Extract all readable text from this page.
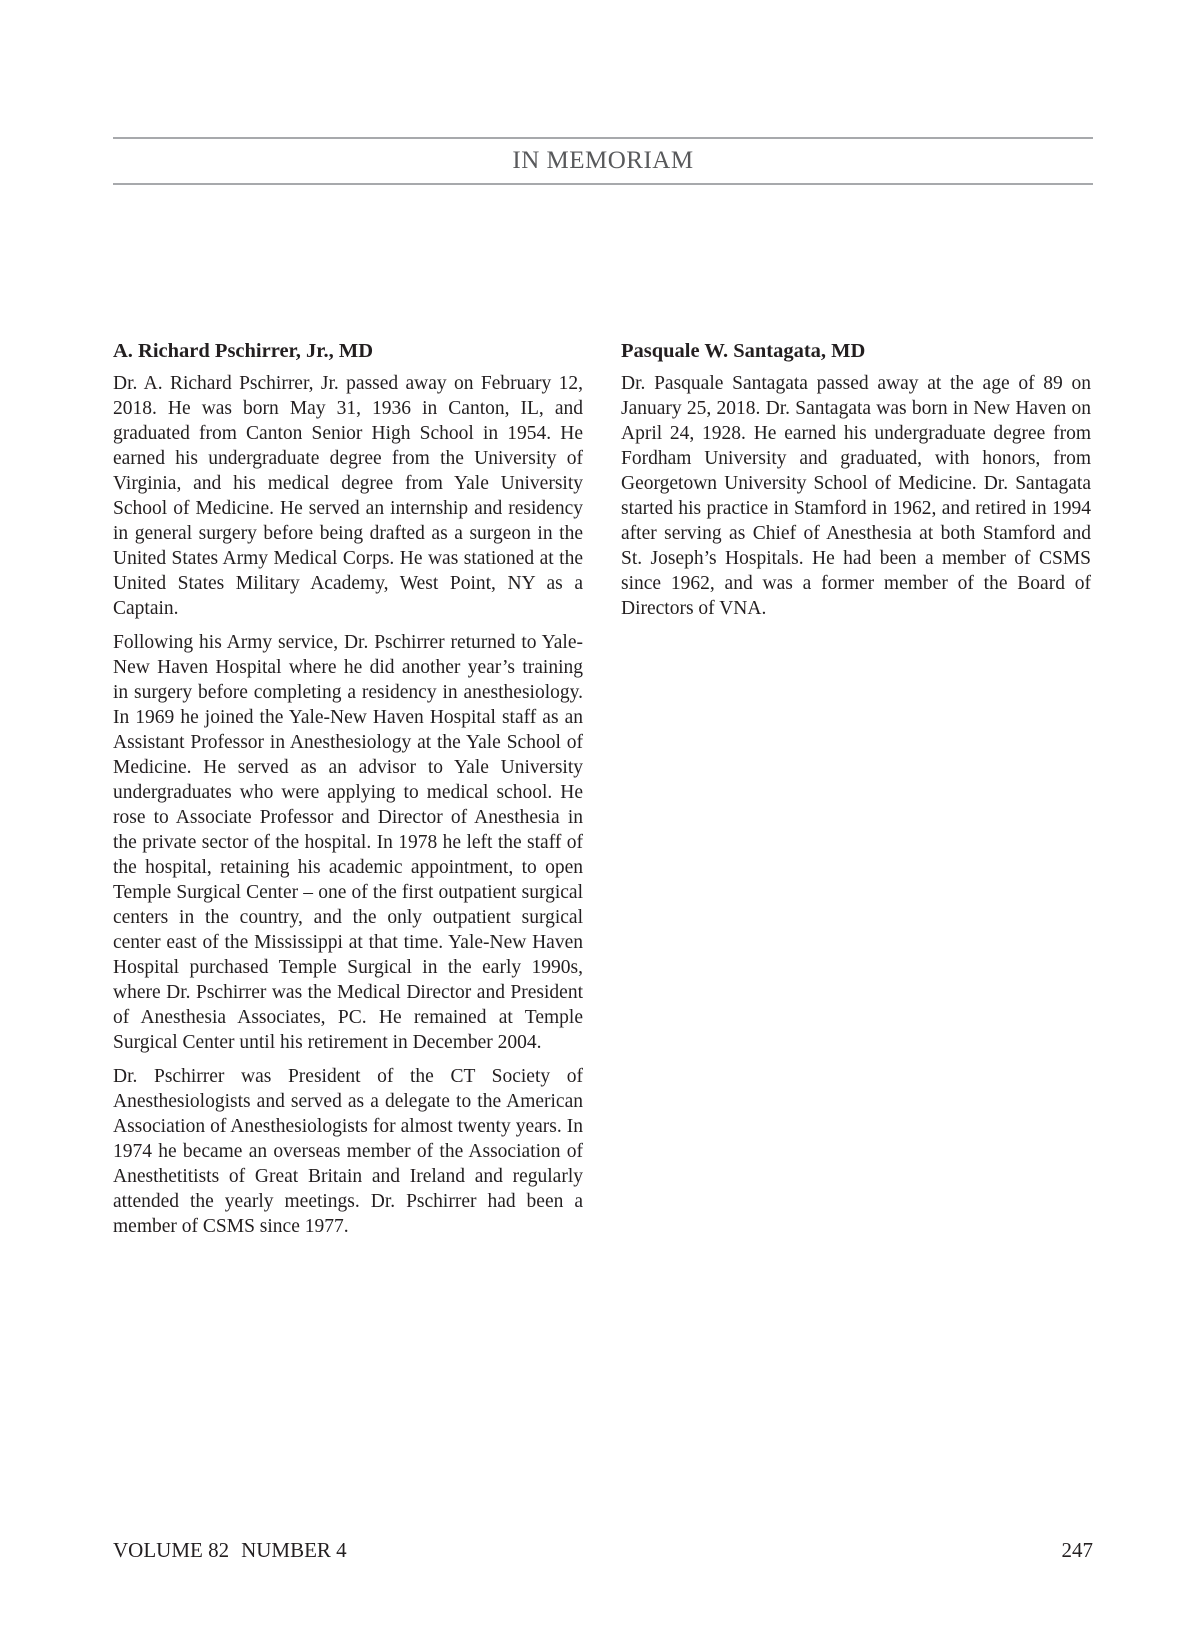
IN MEMORIAM
A. Richard Pschirrer, Jr., MD

Dr. A. Richard Pschirrer, Jr. passed away on February 12, 2018. He was born May 31, 1936 in Canton, IL, and graduated from Canton Senior High School in 1954. He earned his undergraduate degree from the University of Virginia, and his medical degree from Yale University School of Medicine. He served an internship and residency in general surgery before being drafted as a surgeon in the United States Army Medical Corps. He was stationed at the United States Military Academy, West Point, NY as a Captain.

Following his Army service, Dr. Pschirrer returned to Yale-New Haven Hospital where he did another year’s training in surgery before completing a residency in anesthesiology. In 1969 he joined the Yale-New Haven Hospital staff as an Assistant Professor in Anesthesiology at the Yale School of Medicine. He served as an advisor to Yale University undergraduates who were applying to medical school. He rose to Associate Professor and Director of Anesthesia in the private sector of the hospital. In 1978 he left the staff of the hospital, retaining his academic appointment, to open Temple Surgical Center – one of the first outpatient surgical centers in the country, and the only outpatient surgical center east of the Mississippi at that time. Yale-New Haven Hospital purchased Temple Surgical in the early 1990s, where Dr. Pschirrer was the Medical Director and President of Anesthesia Associates, PC. He remained at Temple Surgical Center until his retirement in December 2004.

Dr. Pschirrer was President of the CT Society of Anesthesiologists and served as a delegate to the American Association of Anesthesiologists for almost twenty years. In 1974 he became an overseas member of the Association of Anesthetitists of Great Britain and Ireland and regularly attended the yearly meetings. Dr. Pschirrer had been a member of CSMS since 1977.

Pasquale W. Santagata, MD

Dr. Pasquale Santagata passed away at the age of 89 on January 25, 2018. Dr. Santagata was born in New Haven on April 24, 1928. He earned his undergraduate degree from Fordham University and graduated, with honors, from Georgetown University School of Medicine. Dr. Santagata started his practice in Stamford in 1962, and retired in 1994 after serving as Chief of Anesthesia at both Stamford and St. Joseph’s Hospitals. He had been a member of CSMS since 1962, and was a former member of the Board of Directors of VNA.

VOLUME 82 NUMBER 4	247
